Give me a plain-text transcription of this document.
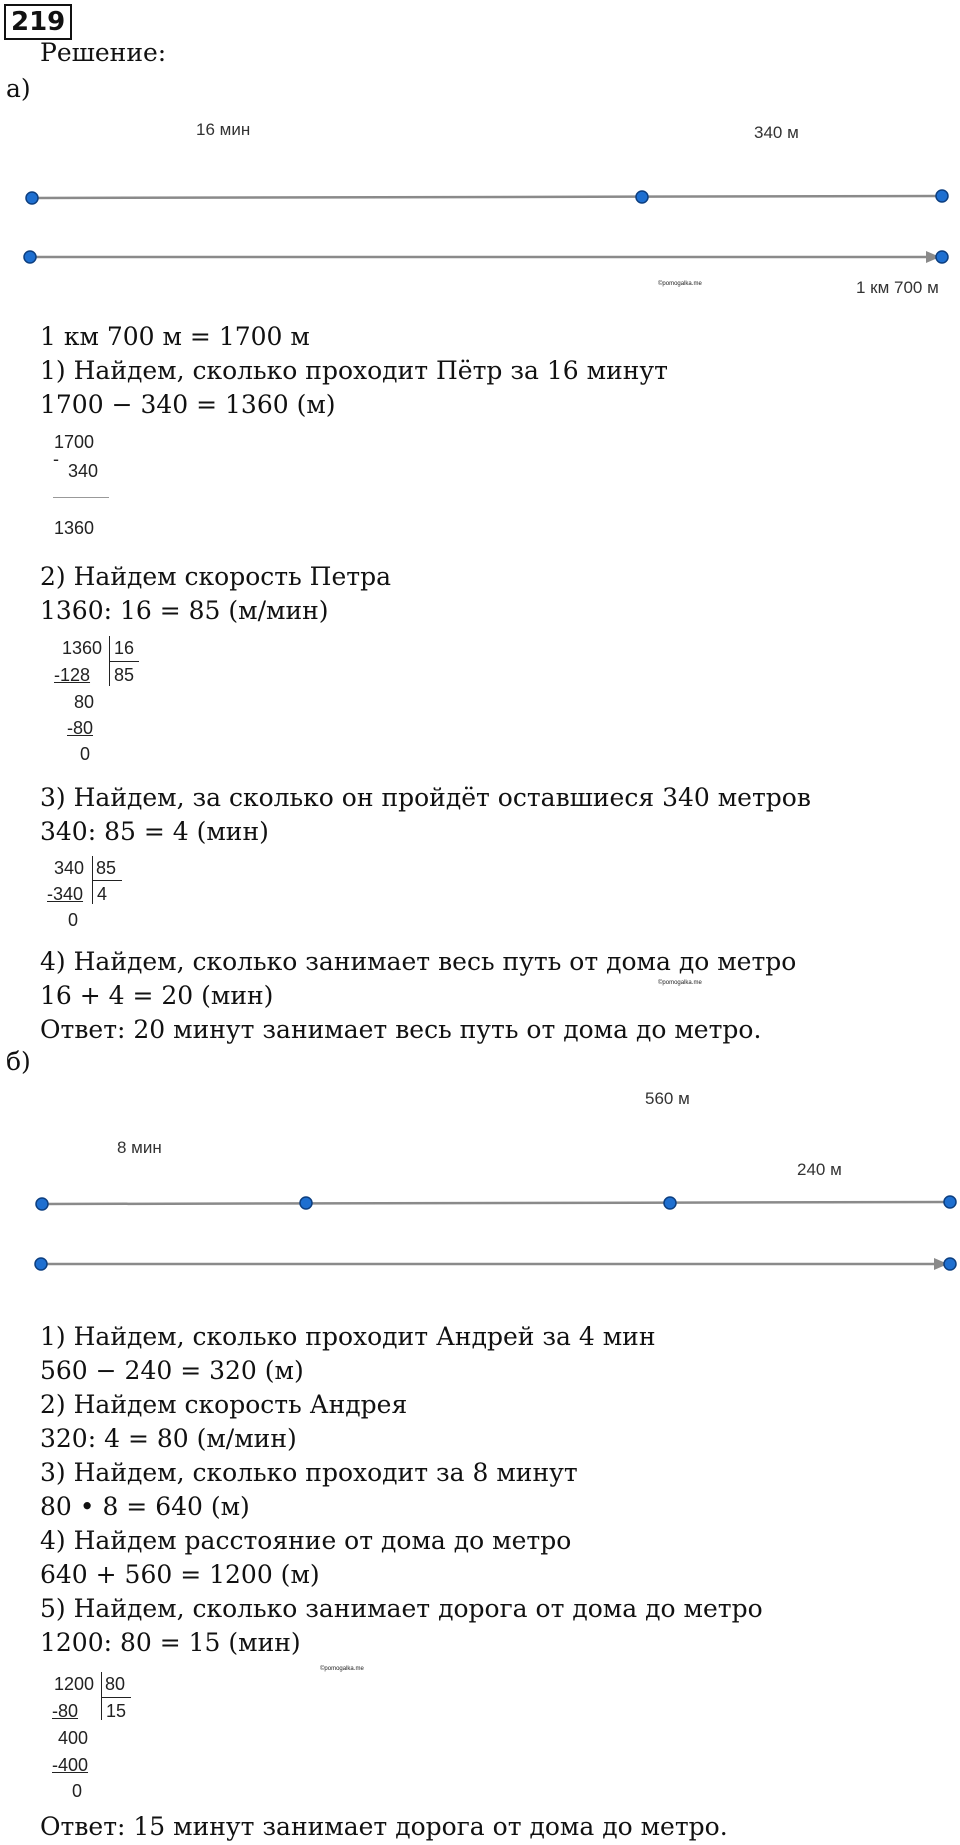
219
Решение:
а)
16 мин	340 м
©pomogalka.me	1 км 700 м
1 км 700 м = 1700 м
1) Найдем, сколько проходит Пётр за 16 минут
1700 − 340 = 1360 (м)
1700
-
340
1360
2) Найдем скорость Петра
1360: 16 = 85 (м/мин)
1360 16
85
-128
80
-80
0
3) Найдем, за сколько он пройдёт оставшиеся 340 метров
340: 85 = 4 (мин)
340 85
4
-340
0
4) Найдем, сколько занимает весь путь от дома до метро
16 + 4 = 20 (мин)	©pomogalka.me
Ответ: 20 минут занимает весь путь от дома до метро.
б)
560 м
8 мин
240 м
1) Найдем, сколько проходит Андрей за 4 мин
560 − 240 = 320 (м)
2) Найдем скорость Андрея
320: 4 = 80 (м/мин)
3) Найдем, сколько проходит за 8 минут
80 • 8 = 640 (м)
4) Найдем расстояние от дома до метро
640 + 560 = 1200 (м)
5) Найдем, сколько занимает дорога от дома до метро
1200: 80 = 15 (мин)
©pomogalka.me
1200 80
15
-80
400
-400
0
Ответ: 15 минут занимает дорога от дома до метро.
